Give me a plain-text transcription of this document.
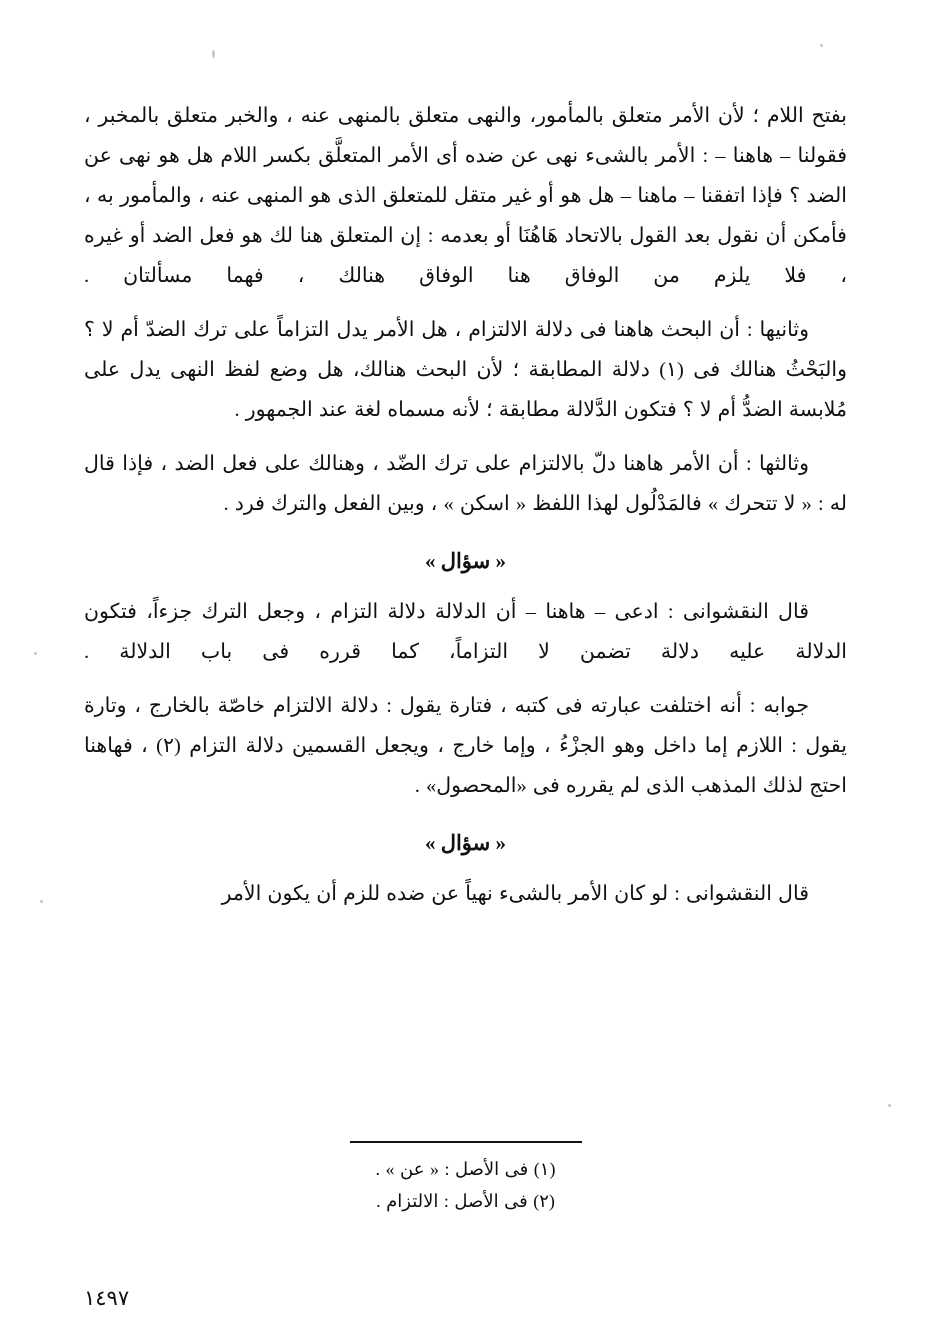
بفتح اللام ؛ لأن الأمر متعلق بالمأمور، والنهى متعلق بالمنهى عنه ، والخبر متعلق بالمخبر ، فقولنا – هاهنا – : الأمر بالشىء نهى عن ضده أى الأمر المتعلَّق بكسر اللام هل هو نهى عن الضد ؟ فإذا اتفقنا – ماهنا – هل هو أو غير متقل للمتعلق الذى هو المنهى عنه ، والمأمور به ، فأمكن أن نقول بعد القول بالاتحاد هَاهُنَا أو بعدمه : إن المتعلق هنا لك هو فعل الضد أو غيره ، فلا يلزم من الوفاق هنا الوفاق هنالك ، فهما مسألتان .

وثانيها : أن البحث هاهنا فى دلالة الالتزام ، هل الأمر يدل التزاماً على ترك الضدّ أم لا ؟ والبَحْثُ هنالك فى (١) دلالة المطابقة ؛ لأن البحث هنالك، هل وضع لفظ النهى يدل على مُلابسة الضدُّ أم لا ؟ فتكون الدَّلالة مطابقة ؛ لأنه مسماه لغة عند الجمهور .

وثالثها : أن الأمر هاهنا دلّ بالالتزام على ترك الضّد ، وهنالك على فعل الضد ، فإذا قال له : « لا تتحرك » فالمَدْلُول لهذا اللفظ « اسكن » ، وبين الفعل والترك فرد .

« سؤال »

قال النقشوانى : ادعى – هاهنا – أن الدلالة دلالة التزام ، وجعل الترك جزءاً، فتكون الدلالة عليه دلالة تضمن لا التزاماً، كما قرره فى باب الدلالة .

جوابه : أنه اختلفت عبارته فى كتبه ، فتارة يقول : دلالة الالتزام خاصّة بالخارج ، وتارة يقول : اللازم إما داخل وهو الجزْءُ ، وإما خارج ، ويجعل القسمين دلالة التزام (٢) ، فهاهنا احتج لذلك المذهب الذى لم يقرره فى «المحصول» .

« سؤال »

قال النقشوانى : لو كان الأمر بالشىء نهياً عن ضده للزم أن يكون الأمر

(١) فى الأصل : « عن » .

(٢) فى الأصل : الالتزام .

١٤٩٧
